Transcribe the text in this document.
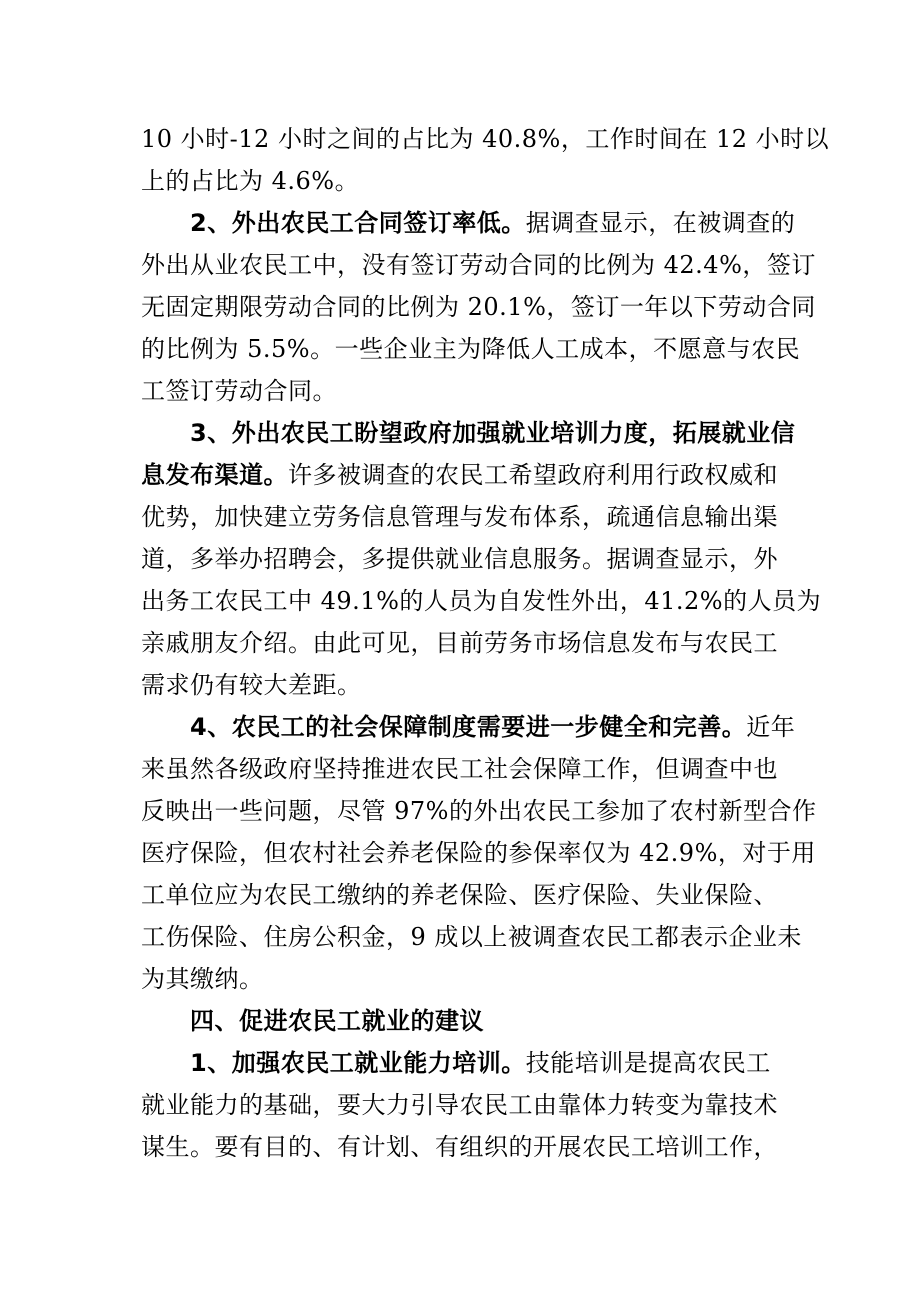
10 小时-12 小时之间的占比为 40.8%，工作时间在 12 小时以
上的占比为 4.6%。
2、外出农民工合同签订率低。据调查显示，在被调查的
外出从业农民工中，没有签订劳动合同的比例为 42.4%，签订
无固定期限劳动合同的比例为 20.1%，签订一年以下劳动合同
的比例为 5.5%。一些企业主为降低人工成本，不愿意与农民
工签订劳动合同。
3、外出农民工盼望政府加强就业培训力度，拓展就业信
息发布渠道。许多被调查的农民工希望政府利用行政权威和
优势，加快建立劳务信息管理与发布体系，疏通信息输出渠
道，多举办招聘会，多提供就业信息服务。据调查显示，外
出务工农民工中 49.1%的人员为自发性外出，41.2%的人员为
亲戚朋友介绍。由此可见，目前劳务市场信息发布与农民工
需求仍有较大差距。
4、农民工的社会保障制度需要进一步健全和完善。近年
来虽然各级政府坚持推进农民工社会保障工作，但调查中也
反映出一些问题，尽管 97%的外出农民工参加了农村新型合作
医疗保险，但农村社会养老保险的参保率仅为 42.9%，对于用
工单位应为农民工缴纳的养老保险、医疗保险、失业保险、
工伤保险、住房公积金，9 成以上被调查农民工都表示企业未
为其缴纳。
四、促进农民工就业的建议
1、加强农民工就业能力培训。技能培训是提高农民工
就业能力的基础，要大力引导农民工由靠体力转变为靠技术
谋生。要有目的、有计划、有组织的开展农民工培训工作，
